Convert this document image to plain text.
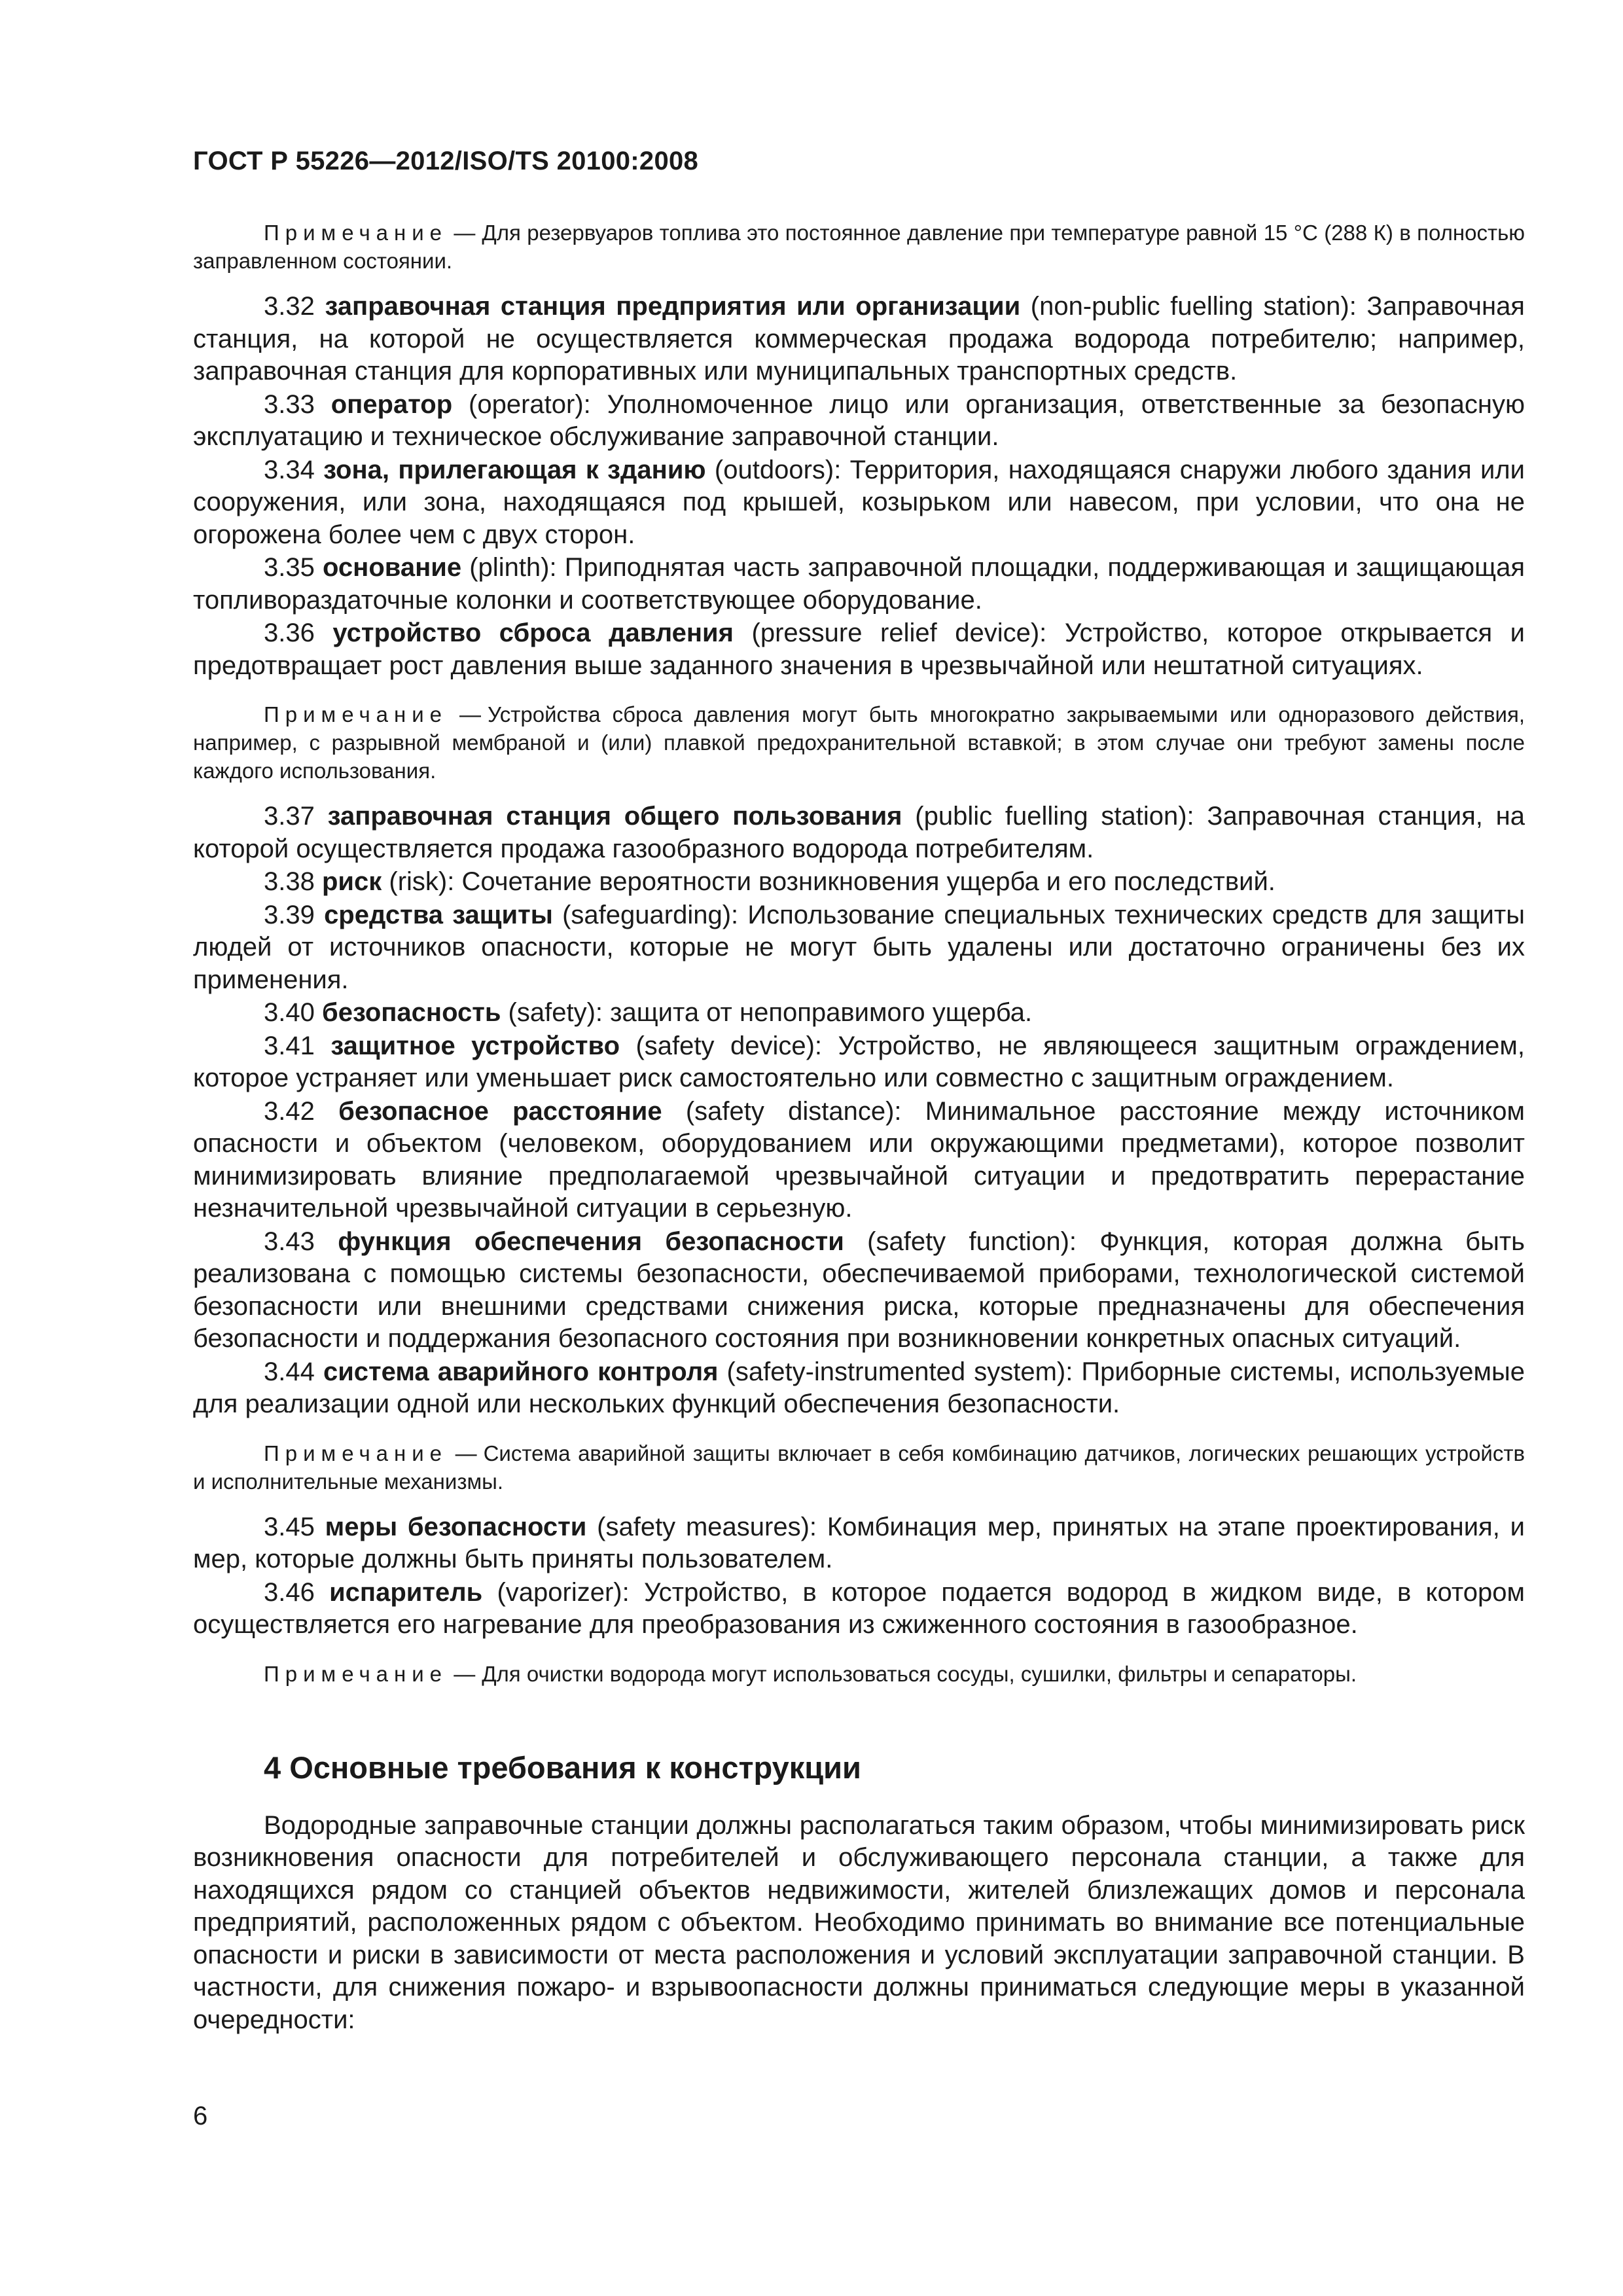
ГОСТ Р 55226—2012/ISO/TS 20100:2008

Примечание — Для резервуаров топлива это постоянное давление при температуре равной 15 °С (288 К) в полностью заправленном состоянии.

3.32 заправочная станция предприятия или организации (non-public fuelling station): Заправочная станция, на которой не осуществляется коммерческая продажа водорода потребителю; например, заправочная станция для корпоративных или муниципальных транспортных средств.

3.33 оператор (operator): Уполномоченное лицо или организация, ответственные за безопасную эксплуатацию и техническое обслуживание заправочной станции.

3.34 зона, прилегающая к зданию (outdoors): Территория, находящаяся снаружи любого здания или сооружения, или зона, находящаяся под крышей, козырьком или навесом, при условии, что она не огорожена более чем с двух сторон.

3.35 основание (plinth): Приподнятая часть заправочной площадки, поддерживающая и защищающая топливораздаточные колонки и соответствующее оборудование.

3.36 устройство сброса давления (pressure relief device): Устройство, которое открывается и предотвращает рост давления выше заданного значения в чрезвычайной или нештатной ситуациях.

Примечание — Устройства сброса давления могут быть многократно закрываемыми или одноразового действия, например, с разрывной мембраной и (или) плавкой предохранительной вставкой; в этом случае они требуют замены после каждого использования.

3.37 заправочная станция общего пользования (public fuelling station): Заправочная станция, на которой осуществляется продажа газообразного водорода потребителям.

3.38 риск (risk): Сочетание вероятности возникновения ущерба и его последствий.

3.39 средства защиты (safeguarding): Использование специальных технических средств для защиты людей от источников опасности, которые не могут быть удалены или достаточно ограничены без их применения.

3.40 безопасность (safety): защита от непоправимого ущерба.

3.41 защитное устройство (safety device): Устройство, не являющееся защитным ограждением, которое устраняет или уменьшает риск самостоятельно или совместно с защитным ограждением.

3.42 безопасное расстояние (safety distance): Минимальное расстояние между источником опасности и объектом (человеком, оборудованием или окружающими предметами), которое позволит минимизировать влияние предполагаемой чрезвычайной ситуации и предотвратить перерастание незначительной чрезвычайной ситуации в серьезную.

3.43 функция обеспечения безопасности (safety function): Функция, которая должна быть реализована с помощью системы безопасности, обеспечиваемой приборами, технологической системой безопасности или внешними средствами снижения риска, которые предназначены для обеспечения безопасности и поддержания безопасного состояния при возникновении конкретных опасных ситуаций.

3.44 система аварийного контроля (safety-instrumented system): Приборные системы, используемые для реализации одной или нескольких функций обеспечения безопасности.

Примечание — Система аварийной защиты включает в себя комбинацию датчиков, логических решающих устройств и исполнительные механизмы.

3.45 меры безопасности (safety measures): Комбинация мер, принятых на этапе проектирования, и мер, которые должны быть приняты пользователем.

3.46 испаритель (vaporizer): Устройство, в которое подается водород в жидком виде, в котором осуществляется его нагревание для преобразования из сжиженного состояния в газообразное.

Примечание — Для очистки водорода могут использоваться сосуды, сушилки, фильтры и сепараторы.

4 Основные требования к конструкции

Водородные заправочные станции должны располагаться таким образом, чтобы минимизировать риск возникновения опасности для потребителей и обслуживающего персонала станции, а также для находящихся рядом со станцией объектов недвижимости, жителей близлежащих домов и персонала предприятий, расположенных рядом с объектом. Необходимо принимать во внимание все потенциальные опасности и риски в зависимости от места расположения и условий эксплуатации заправочной станции. В частности, для снижения пожаро- и взрывоопасности должны приниматься следующие меры в указанной очередности:

6
